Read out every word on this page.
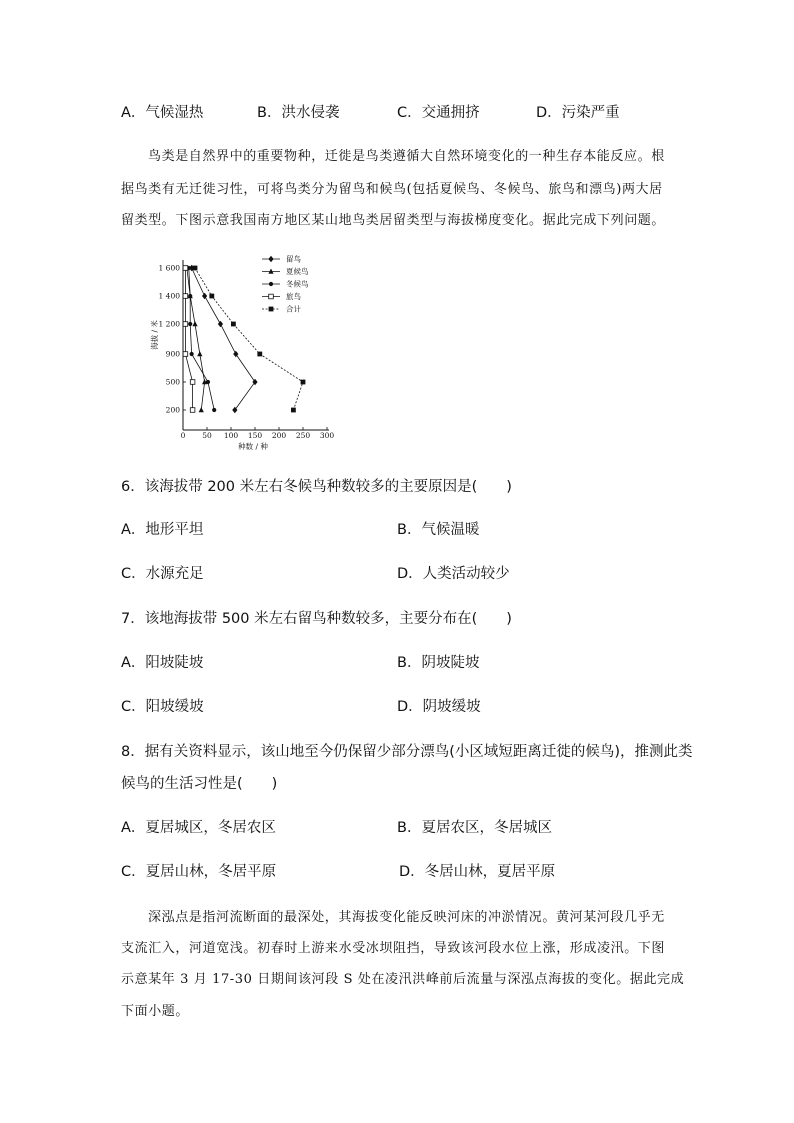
A．气候湿热	B．洪水侵袭	C．交通拥挤	D．污染严重
鸟类是自然界中的重要物种，迁徙是鸟类遵循大自然环境变化的一种生存本能反应。根
据鸟类有无迁徙习性，可将鸟类分为留鸟和候鸟(包括夏候鸟、冬候鸟、旅鸟和漂鸟)两大居
留类型。下图示意我国南方地区某山地鸟类居留类型与海拔梯度变化。据此完成下列问题。
0 50 100 150 200 250 300
200
500
900
1 200
1 400
1 600
种数 / 种
海拔 / 米
留鸟
夏候鸟
冬候鸟
旅鸟
合计
6．该海拔带 200 米左右冬候鸟种数较多的主要原因是(　　)
A．地形平坦	B．气候温暖
C．水源充足	D．人类活动较少
7．该地海拔带 500 米左右留鸟种数较多，主要分布在(　　)
A．阳坡陡坡	B．阴坡陡坡
C．阳坡缓坡	D．阴坡缓坡
8．据有关资料显示，该山地至今仍保留少部分漂鸟(小区域短距离迁徙的候鸟)，推测此类
候鸟的生活习性是(　　)
A．夏居城区，冬居农区	B．夏居农区，冬居城区
C．夏居山林，冬居平原	D．冬居山林，夏居平原
深泓点是指河流断面的最深处，其海拔变化能反映河床的冲淤情况。黄河某河段几乎无
支流汇入，河道宽浅。初春时上游来水受冰坝阻挡，导致该河段水位上涨，形成凌汛。下图
示意某年 3 月 17-30 日期间该河段 S 处在凌汛洪峰前后流量与深泓点海拔的变化。据此完成
下面小题。
